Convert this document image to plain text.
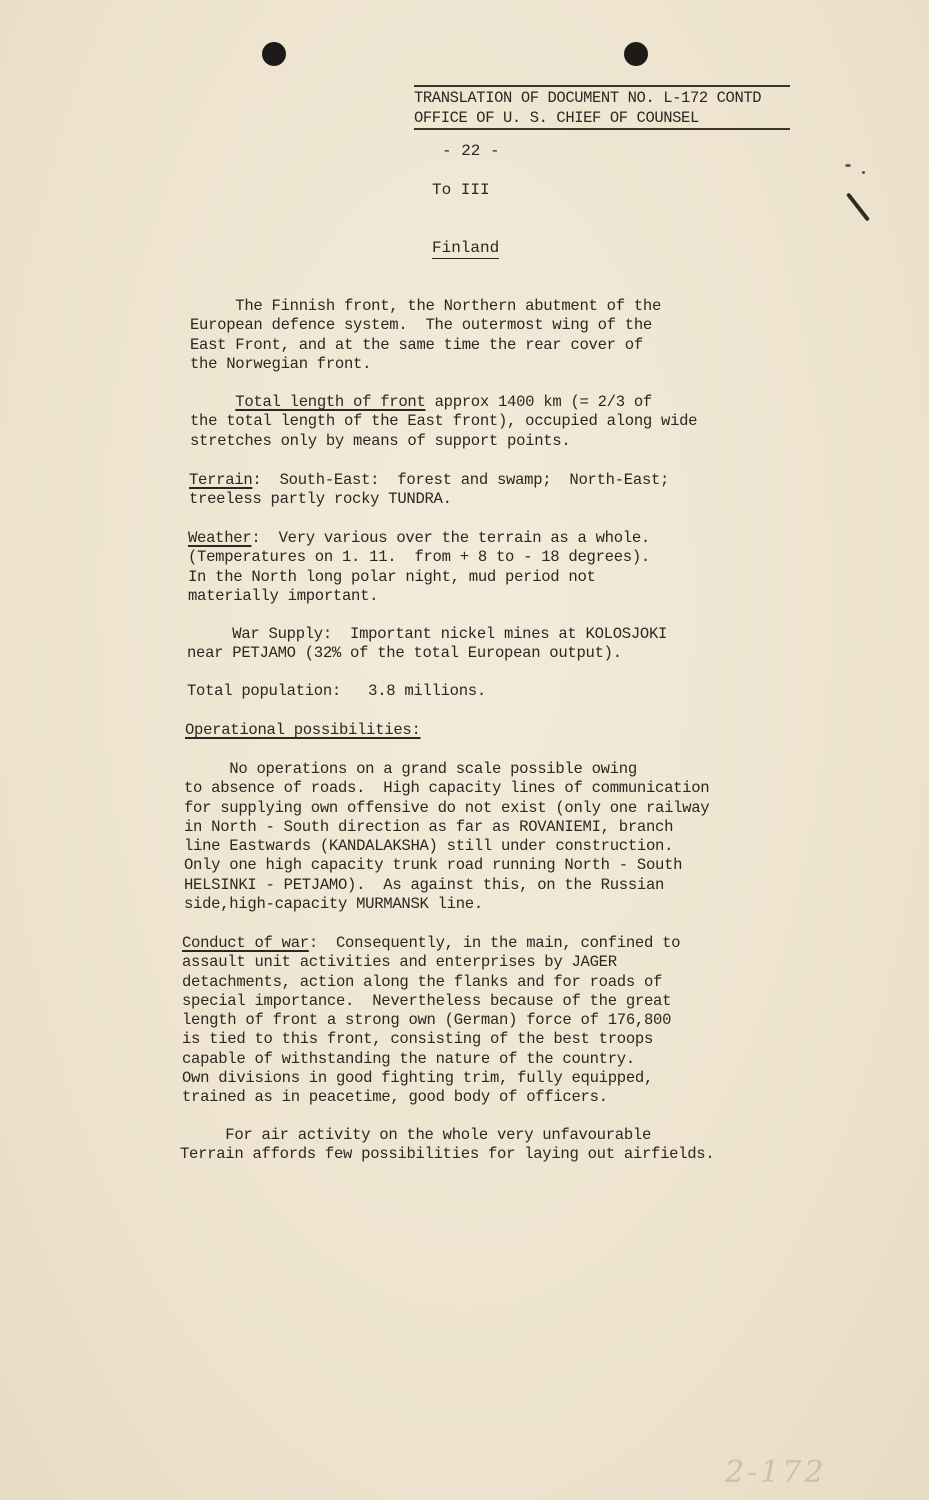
TRANSLATION OF DOCUMENT NO. L-172 CONTD
OFFICE OF U. S. CHIEF OF COUNSEL
- 22 -
To III
Finland
The Finnish front, the Northern abutment of the
European defence system.  The outermost wing of the
East Front, and at the same time the rear cover of
the Norwegian front.
Total length of front approx 1400 km (= 2/3 of
the total length of the East front), occupied along wide
stretches only by means of support points.
Terrain:  South-East:  forest and swamp;  North-East;
treeless partly rocky TUNDRA.
Weather:  Very various over the terrain as a whole.
(Temperatures on 1. 11.  from + 8 to - 18 degrees).
In the North long polar night, mud period not
materially important.
War Supply:  Important nickel mines at KOLOSJOKI
near PETJAMO (32% of the total European output).
Total population:   3.8 millions.
Operational possibilities:
No operations on a grand scale possible owing
to absence of roads.  High capacity lines of communication
for supplying own offensive do not exist (only one railway
in North - South direction as far as ROVANIEMI, branch
line Eastwards (KANDALAKSHA) still under construction.
Only one high capacity trunk road running North - South
HELSINKI - PETJAMO).  As against this, on the Russian
side,high-capacity MURMANSK line.
Conduct of war:  Consequently, in the main, confined to
assault unit activities and enterprises by JAGER
detachments, action along the flanks and for roads of
special importance.  Nevertheless because of the great
length of front a strong own (German) force of 176,800
is tied to this front, consisting of the best troops
capable of withstanding the nature of the country.
Own divisions in good fighting trim, fully equipped,
trained as in peacetime, good body of officers.
For air activity on the whole very unfavourable
Terrain affords few possibilities for laying out airfields.
2-172
